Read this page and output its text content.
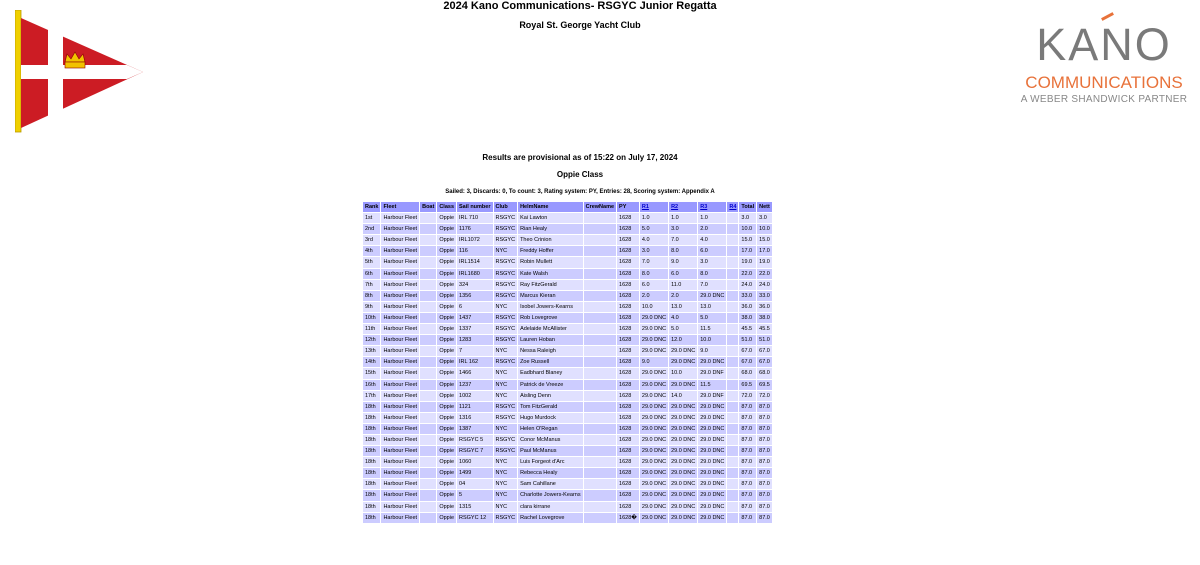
2024 Kano Communications- RSGYC Junior Regatta
Royal St. George Yacht Club
Results are provisional as of 15:22 on July 17, 2024
Oppie Class
Sailed: 3, Discards: 0, To count: 3, Rating system: PY, Entries: 28, Scoring system: Appendix A
KANO
COMMUNICATIONS
A WEBER SHANDWICK PARTNER
Rank	Fleet	Boat	Class	Sail number	Club	HelmName	CrewName	PY	R1	R2	R3	R4	Total	Nett
1st	Harbour Fleet		Oppie	IRL 710	RSGYC	Kai Lawton		1628	1.0	1.0	1.0		3.0	3.0
2nd	Harbour Fleet		Oppie	1176	RSGYC	Rian Healy		1628	5.0	3.0	2.0		10.0	10.0
3rd	Harbour Fleet		Oppie	IRL1072	RSGYC	Theo Crinion		1628	4.0	7.0	4.0		15.0	15.0
4th	Harbour Fleet		Oppie	116	NYC	Freddy Hoffer		1628	3.0	8.0	6.0		17.0	17.0
5th	Harbour Fleet		Oppie	IRL1514	RSGYC	Robin Mullett		1628	7.0	9.0	3.0		19.0	19.0
6th	Harbour Fleet		Oppie	IRL1680	RSGYC	Kate Walsh		1628	8.0	6.0	8.0		22.0	22.0
7th	Harbour Fleet		Oppie	324	RSGYC	Ray FitzGerald		1628	6.0	11.0	7.0		24.0	24.0
8th	Harbour Fleet		Oppie	1356	RSGYC	Marcus Kieran		1628	2.0	2.0	29.0 DNC		33.0	33.0
9th	Harbour Fleet		Oppie	6	NYC	Isobel Jowers-Kearns		1628	10.0	13.0	13.0		36.0	36.0
10th	Harbour Fleet		Oppie	1437	RSGYC	Rob Lovegrove		1628	29.0 DNC	4.0	5.0		38.0	38.0
11th	Harbour Fleet		Oppie	1337	RSGYC	Adelaide McAllister		1628	29.0 DNC	5.0	11.5		45.5	45.5
12th	Harbour Fleet		Oppie	1283	RSGYC	Lauren Hoban		1628	29.0 DNC	12.0	10.0		51.0	51.0
13th	Harbour Fleet		Oppie	7	NYC	Nessa Raleigh		1628	29.0 DNC	29.0 DNC	9.0		67.0	67.0
14th	Harbour Fleet		Oppie	IRL 162	RSGYC	Zoe Russell		1628	9.0	29.0 DNC	29.0 DNC		67.0	67.0
15th	Harbour Fleet		Oppie	1466	NYC	Eadbhard Blaney		1628	29.0 DNC	10.0	29.0 DNF		68.0	68.0
16th	Harbour Fleet		Oppie	1237	NYC	Patrick de Vreeze		1628	29.0 DNC	29.0 DNC	11.5		69.5	69.5
17th	Harbour Fleet		Oppie	1002	NYC	Aisling Denn		1628	29.0 DNC	14.0	29.0 DNF		72.0	72.0
18th	Harbour Fleet		Oppie	1121	RSGYC	Tom FitzGerald		1628	29.0 DNC	29.0 DNC	29.0 DNC		87.0	87.0
18th	Harbour Fleet		Oppie	1316	RSGYC	Hugo Murdock		1628	29.0 DNC	29.0 DNC	29.0 DNC		87.0	87.0
18th	Harbour Fleet		Oppie	1387	NYC	Helen O'Regan		1628	29.0 DNC	29.0 DNC	29.0 DNC		87.0	87.0
18th	Harbour Fleet		Oppie	RSGYC 5	RSGYC	Conor McManus		1628	29.0 DNC	29.0 DNC	29.0 DNC		87.0	87.0
18th	Harbour Fleet		Oppie	RSGYC 7	RSGYC	Paul McManus		1628	29.0 DNC	29.0 DNC	29.0 DNC		87.0	87.0
18th	Harbour Fleet		Oppie	1060	NYC	Luis Forgeot d'Arc		1628	29.0 DNC	29.0 DNC	29.0 DNC		87.0	87.0
18th	Harbour Fleet		Oppie	1499	NYC	Rebecca Healy		1628	29.0 DNC	29.0 DNC	29.0 DNC		87.0	87.0
18th	Harbour Fleet		Oppie	04	NYC	Sam Cahillane		1628	29.0 DNC	29.0 DNC	29.0 DNC		87.0	87.0
18th	Harbour Fleet		Oppie	5	NYC	Charlotte Jowers-Kearns		1628	29.0 DNC	29.0 DNC	29.0 DNC		87.0	87.0
18th	Harbour Fleet		Oppie	1315	NYC	clara kirrane		1628	29.0 DNC	29.0 DNC	29.0 DNC		87.0	87.0
18th	Harbour Fleet		Oppie	RSGYC 12	RSGYC	Rachel Lovegrove		1628�	29.0 DNC	29.0 DNC	29.0 DNC		87.0	87.0
